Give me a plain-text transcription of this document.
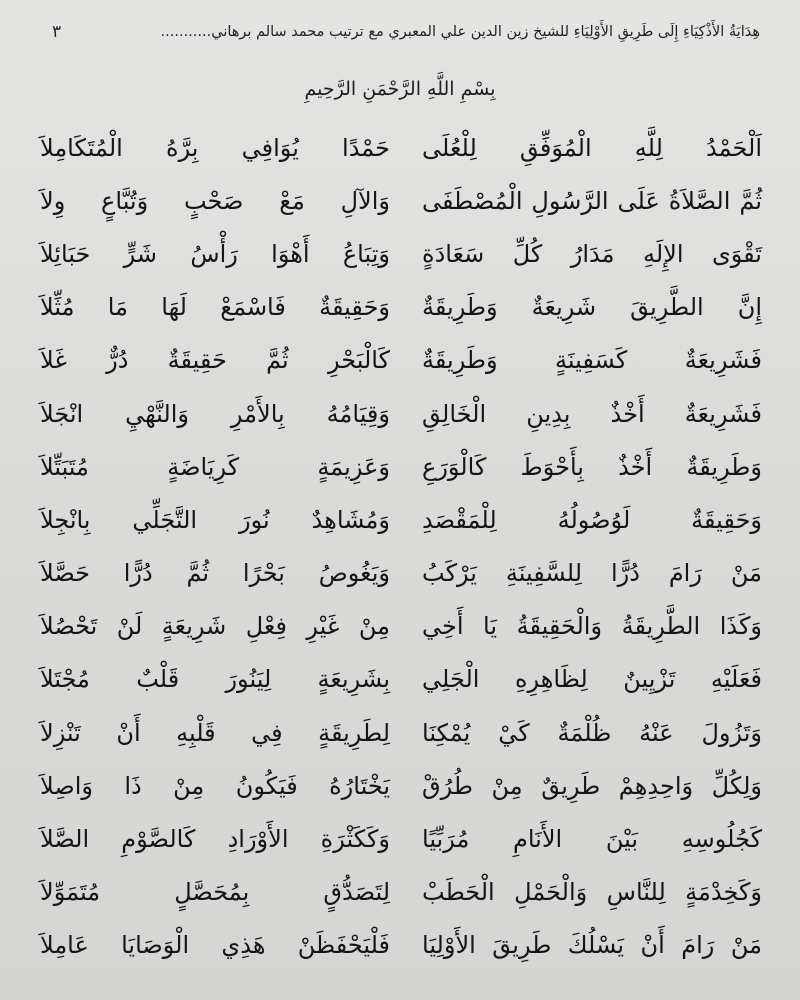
هِدَايَةُ الأَذْكِيَاءِ إِلَى طَرِيقِ الأَوْلِيَاءِ للشيخ زين الدين علي المعبري مع ترتيب محمد سالم برهاني...........
٣
بِسْمِ اللَّهِ الرَّحْمَنِ الرَّحِيمِ
اَلْحَمْدُ لِلَّهِ الْمُوَفِّقِ لِلْعُلَى
حَمْدًا يُوَافِي بِرَّهُ الْمُتَكَامِلاَ
ثُمَّ الصَّلاَةُ عَلَى الرَّسُولِ الْمُصْطَفَى
وَالآلِ مَعْ صَحْبٍ وَتُبَّاعٍ وِلاَ
تَقْوَى الإِلَهِ مَدَارُ كُلِّ سَعَادَةٍ
وَتِبَاعُ أَهْوَا رَأْسُ شَرٍّ حَبَائِلاَ
إِنَّ الطَّرِيقَ شَرِيعَةٌ وَطَرِيقَةٌ
وَحَقِيقَةٌ فَاسْمَعْ لَهَا مَا مُثِّلاَ
فَشَرِيعَةٌ كَسَفِينَةٍ وَطَرِيقَةٌ
كَالْبَحْرِ ثُمَّ حَقِيقَةٌ دُرٌّ غَلاَ
فَشَرِيعَةٌ أَخْذٌ بِدِينِ الْخَالِقِ
وَقِيَامُهُ بِالأَمْرِ وَالنَّهْيِ انْجَلاَ
وَطَرِيقَةٌ أَخْذٌ بِأَحْوَطَ كَالْوَرَعِ
وَعَزِيمَةٍ كَرِيَاضَةٍ مُتَبَتِّلاَ
وَحَقِيقَةٌ لَوُصُولُهُ لِلْمَقْصَدِ
وَمُشَاهِدٌ نُورَ التَّجَلِّي بِانْجِلاَ
مَنْ رَامَ دُرًّا لِلسَّفِينَةِ يَرْكَبُ
وَيَغُوصُ بَحْرًا ثُمَّ دُرًّا حَصَّلاَ
وَكَذَا الطَّرِيقَةُ وَالْحَقِيقَةُ يَا أَخِي
مِنْ غَيْرِ فِعْلِ شَرِيعَةٍ لَنْ تَحْصُلاَ
فَعَلَيْهِ تَزْيِينٌ لِظَاهِرِهِ الْجَلِي
بِشَرِيعَةٍ لِيَنُورَ قَلْبٌ مُجْتَلاَ
وَتَزُولَ عَنْهُ ظُلْمَةٌ كَيْ يُمْكِنَا
لِطَرِيقَةٍ فِي قَلْبِهِ أَنْ تَنْزِلاَ
وَلِكُلِّ وَاحِدِهِمْ طَرِيقٌ مِنْ طُرُقْ
يَخْتَارُهُ فَيَكُونُ مِنْ ذَا وَاصِلاَ
كَجُلُوسِهِ بَيْنَ الأَنَامِ مُرَبِّيًا
وَكَكَثْرَةِ الأَوْرَادِ كَالصَّوْمِ الصَّلاَ
وَكَخِدْمَةٍ لِلنَّاسِ وَالْحَمْلِ الْحَطَبْ
لِتَصَدُّقٍ بِمُحَصَّلٍ مُتَمَوِّلاَ
مَنْ رَامَ أَنْ يَسْلُكَ طَرِيقَ الأَوْلِيَا
فَلْيَحْفَظَنْ هَذِي الْوَصَايَا عَامِلاَ
